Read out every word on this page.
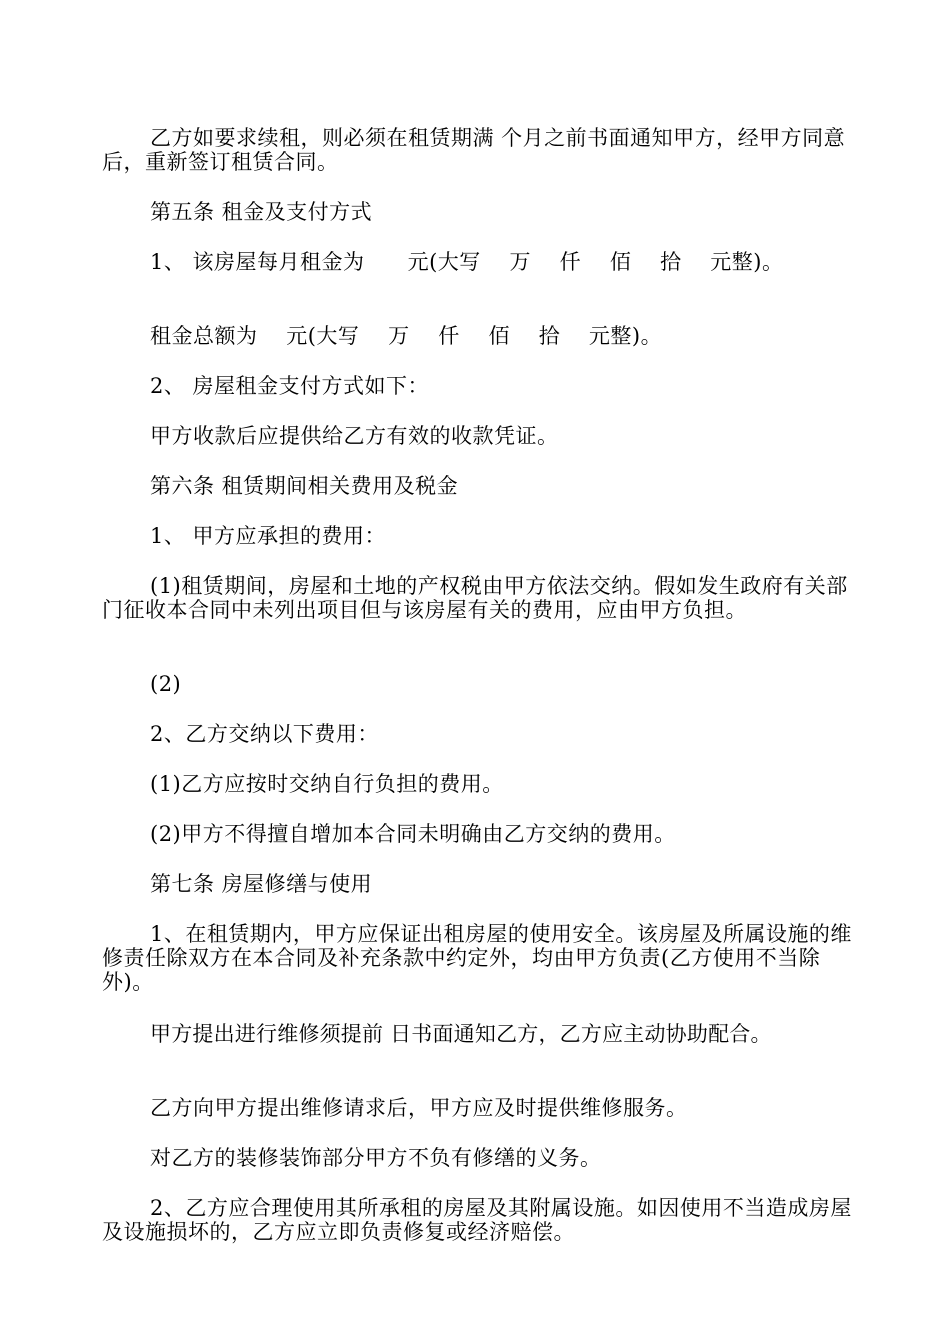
乙方如要求续租，则必须在租赁期满 个月之前书面通知甲方，经甲方同意后，重新签订租赁合同。

第五条 租金及支付方式

1、 该房屋每月租金为      元(大写    万    仟    佰    拾    元整)。

租金总额为    元(大写    万    仟    佰    拾    元整)。

2、 房屋租金支付方式如下：

甲方收款后应提供给乙方有效的收款凭证。

第六条 租赁期间相关费用及税金

1、 甲方应承担的费用：

(1)租赁期间，房屋和土地的产权税由甲方依法交纳。假如发生政府有关部门征收本合同中未列出项目但与该房屋有关的费用，应由甲方负担。

(2)

2、乙方交纳以下费用：

(1)乙方应按时交纳自行负担的费用。

(2)甲方不得擅自增加本合同未明确由乙方交纳的费用。

第七条 房屋修缮与使用

1、在租赁期内，甲方应保证出租房屋的使用安全。该房屋及所属设施的维修责任除双方在本合同及补充条款中约定外，均由甲方负责(乙方使用不当除外)。

甲方提出进行维修须提前 日书面通知乙方，乙方应主动协助配合。

乙方向甲方提出维修请求后，甲方应及时提供维修服务。

对乙方的装修装饰部分甲方不负有修缮的义务。

2、乙方应合理使用其所承租的房屋及其附属设施。如因使用不当造成房屋及设施损坏的，乙方应立即负责修复或经济赔偿。
